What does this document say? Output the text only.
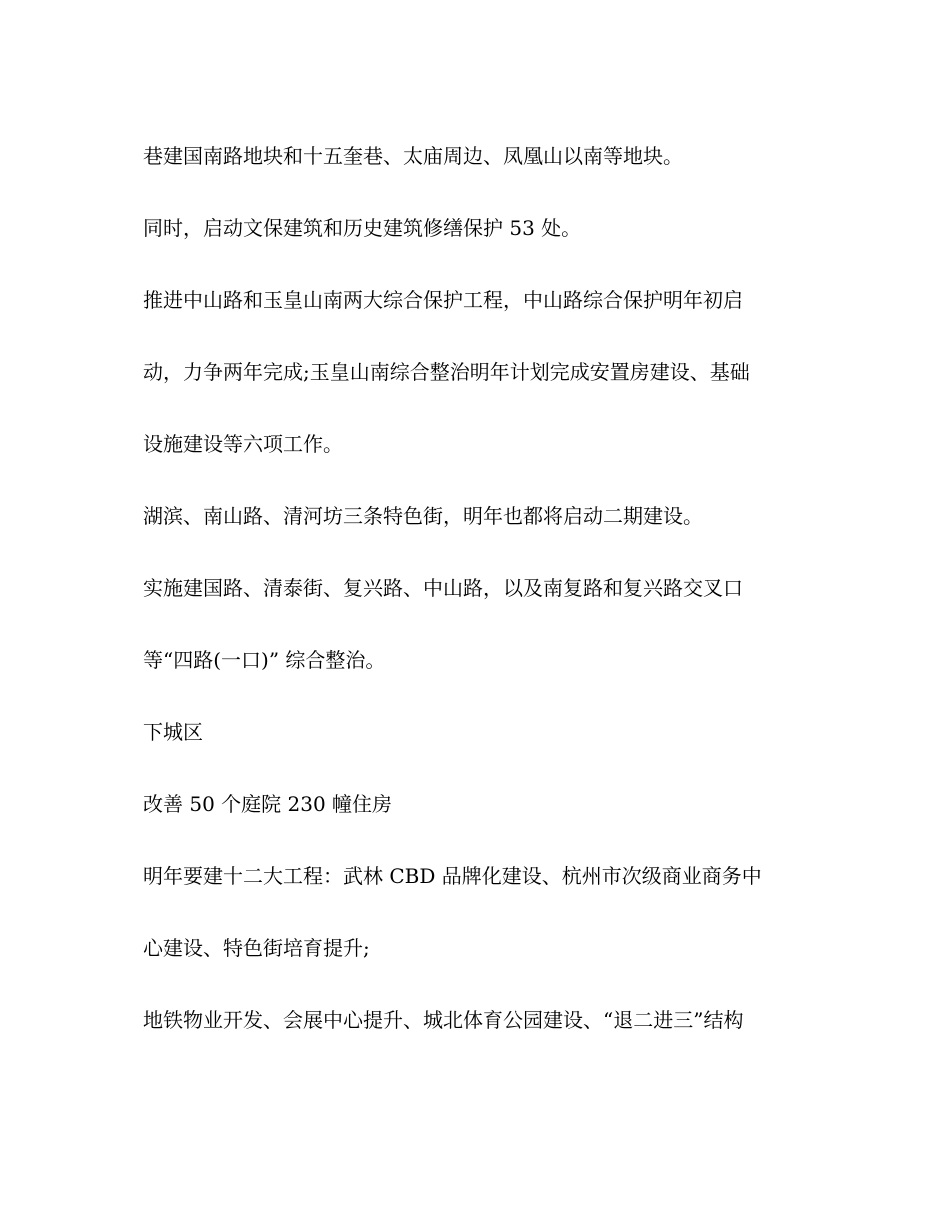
巷建国南路地块和十五奎巷、太庙周边、凤凰山以南等地块。
同时，启动文保建筑和历史建筑修缮保护 53 处。
推进中山路和玉皇山南两大综合保护工程，中山路综合保护明年初启
动，力争两年完成;玉皇山南综合整治明年计划完成安置房建设、基础
设施建设等六项工作。
湖滨、南山路、清河坊三条特色街，明年也都将启动二期建设。
实施建国路、清泰街、复兴路、中山路，以及南复路和复兴路交叉口
等“四路(一口)” 综合整治。
下城区
改善 50 个庭院 230 幢住房
明年要建十二大工程：武林 CBD 品牌化建设、杭州市次级商业商务中
心建设、特色街培育提升;
地铁物业开发、会展中心提升、城北体育公园建设、“退二进三”结构
